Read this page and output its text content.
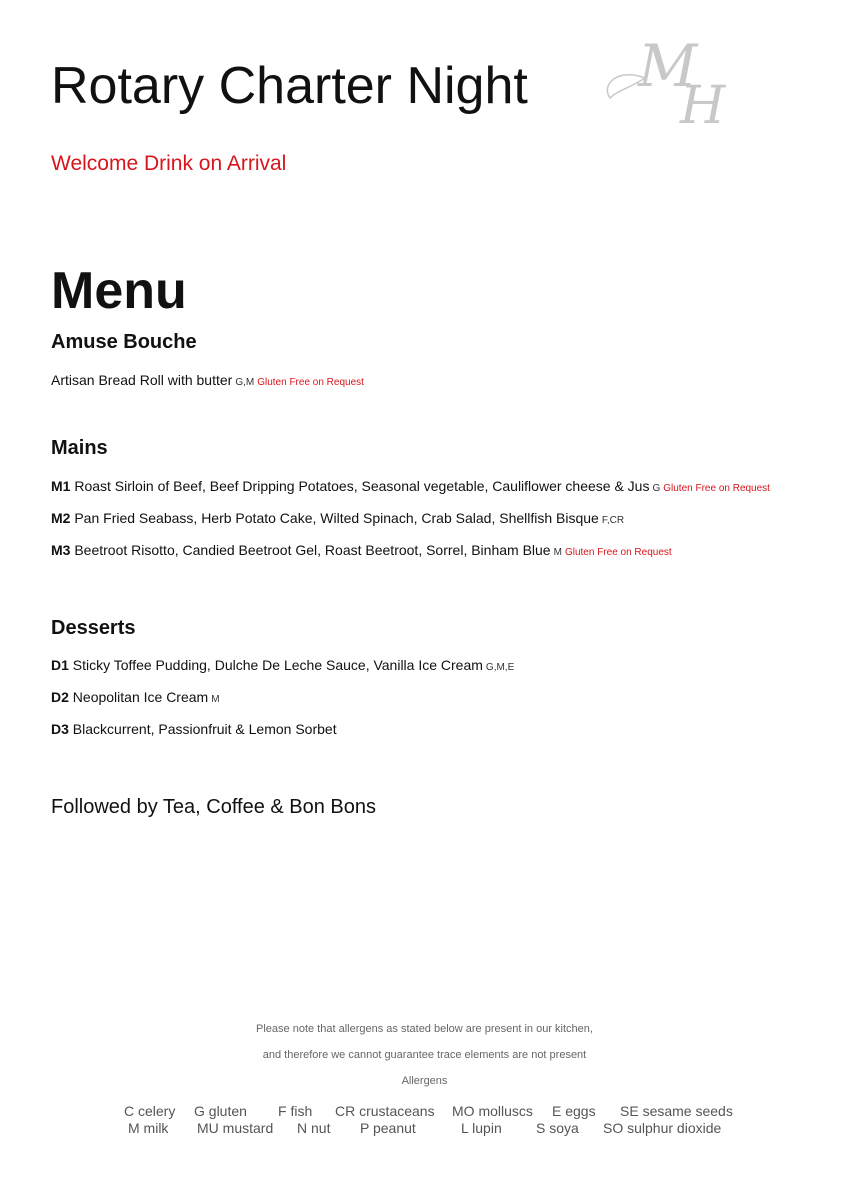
Rotary Charter Night M
H

Welcome Drink on Arrival

Menu
Amuse Bouche
Artisan Bread Roll with butter G,M Gluten Free on Request
Mains
M1 Roast Sirloin of Beef, Beef Dripping Potatoes, Seasonal vegetable, Cauliflower cheese & Jus G Gluten Free on Request
M2 Pan Fried Seabass, Herb Potato Cake, Wilted Spinach, Crab Salad, Shellfish Bisque F,CR
M3 Beetroot Risotto, Candied Beetroot Gel, Roast Beetroot, Sorrel, Binham Blue M Gluten Free on Request
Desserts
D1 Sticky Toffee Pudding, Dulche De Leche Sauce, Vanilla Ice Cream G,M,E
D2 Neopolitan Ice Cream M
D3 Blackcurrent, Passionfruit & Lemon Sorbet

Followed by Tea, Coffee & Bon Bons

Please note that allergens as stated below are present in our kitchen,
and therefore we cannot guarantee trace elements are not present
Allergens
C celery G gluten F fish CR crustaceans MO molluscs E eggs SE sesame seeds
M milk MU mustard N nut P peanut	L lupin S soya SO sulphur dioxide
